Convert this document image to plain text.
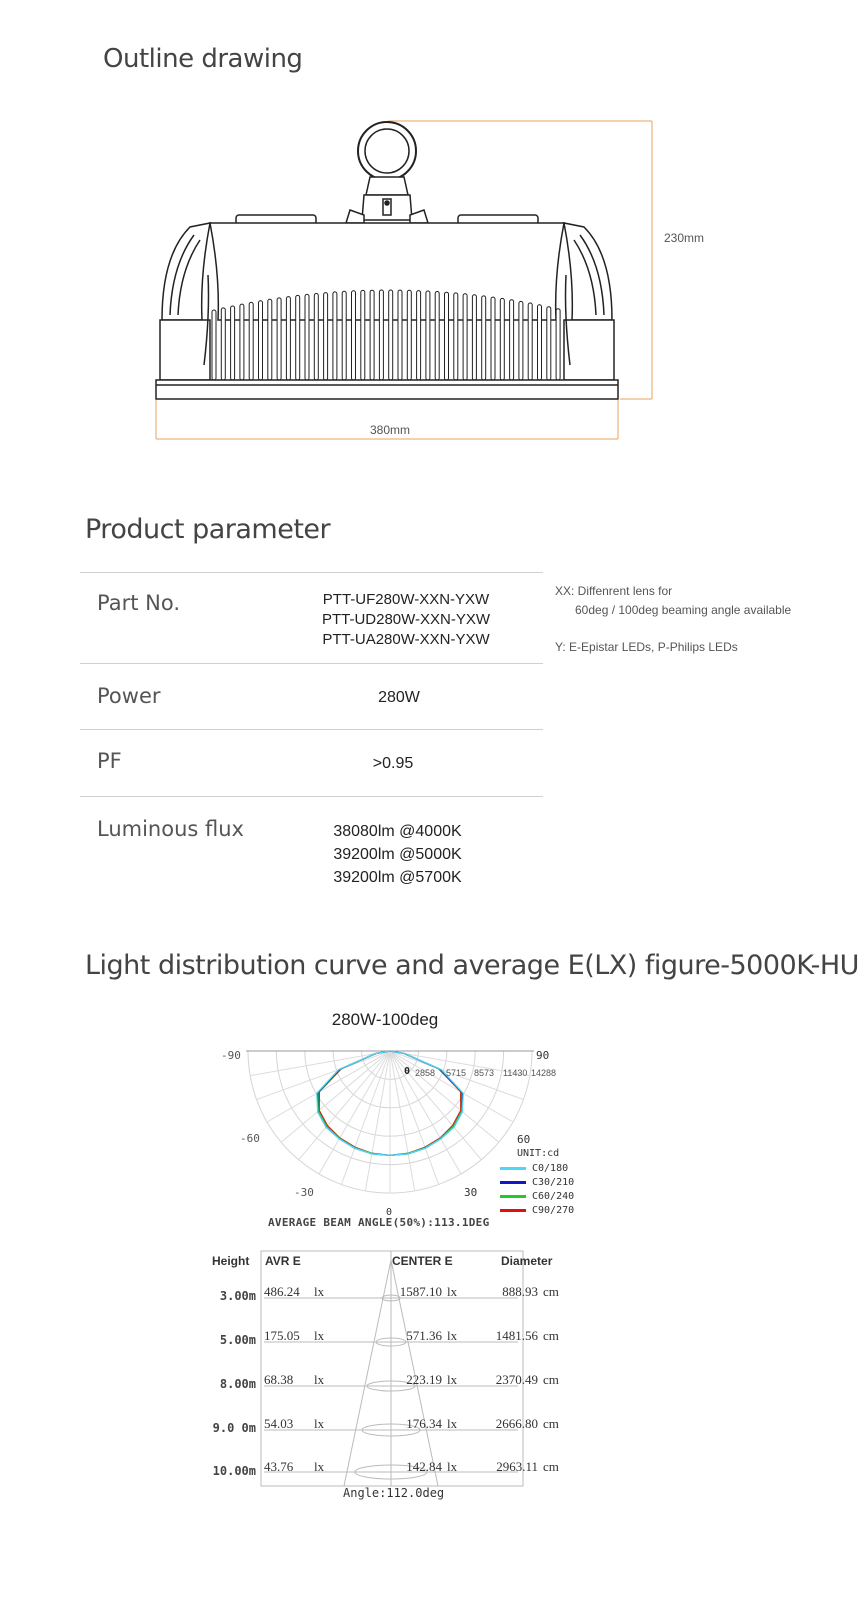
Outline drawing
230mm
380mm
Product parameter
Part No.	PTT-UF280W-XXN-YXW
PTT-UD280W-XXN-YXW
PTT-UA280W-XXN-YXW
Power	280W
PF	>0.95
Luminous flux	38080lm @4000K
39200lm @5000K
39200lm @5700K
XX: Diffenrent lens for
60deg / 100deg beaming angle available
Y: E-Epistar LEDs, P-Philips LEDs
Light distribution curve and average E(LX) figure-5000K-HU
280W-100deg
-90	90
-60	60
-30	30
0
0 2858 5715 8573 11430 14288
UNIT:cd
C0/180
C30/210
C60/240
C90/270
AVERAGE BEAM ANGLE(50%):113.1DEG
Height AVR E	CENTER E	Diameter
3.00m 486.24 lx	1587.10 lx	888.93 cm
5.00m 175.05 lx	571.36 lx	1481.56 cm
8.00m 68.38 lx	223.19 lx	2370.49 cm
9.0 0m 54.03 lx	176.34 lx	2666.80 cm
10.00m 43.76 lx	142.84 lx	2963.11 cm
Angle:112.0deg
